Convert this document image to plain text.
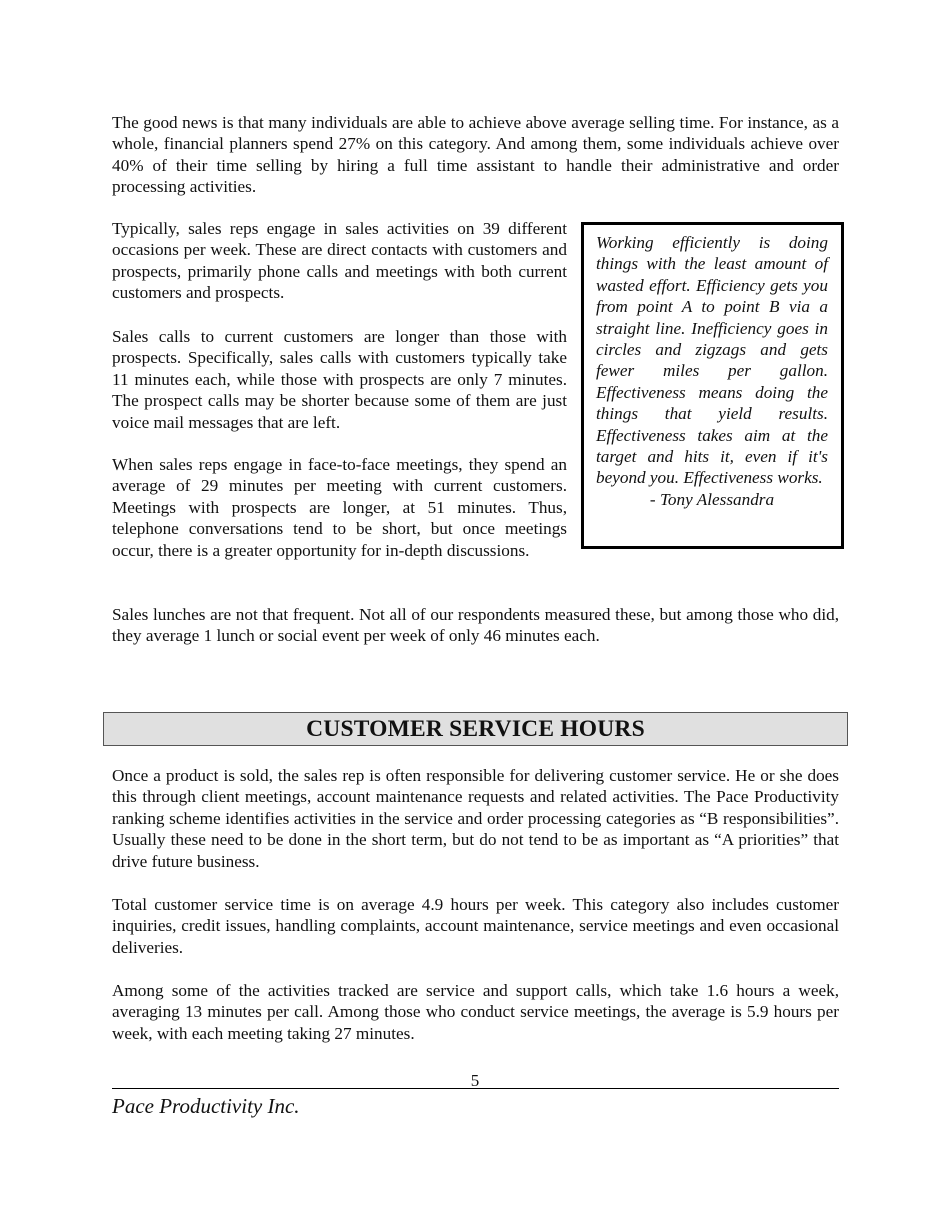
The good news is that many individuals are able to achieve above average selling time. For instance, as a whole, financial planners spend 27% on this category. And among them, some individuals achieve over 40% of their time selling by hiring a full time assistant to handle their administrative and order processing activities.

Typically, sales reps engage in sales activities on 39 different occasions per week. These are direct contacts with customers and prospects, primarily phone calls and meetings with both current customers and prospects.

Sales calls to current customers are longer than those with prospects. Specifically, sales calls with customers typically take 11 minutes each, while those with prospects are only 7 minutes. The prospect calls may be shorter because some of them are just voice mail messages that are left.

When sales reps engage in face-to-face meetings, they spend an average of 29 minutes per meeting with current customers. Meetings with prospects are longer, at 51 minutes. Thus, telephone conversations tend to be short, but once meetings occur, there is a greater opportunity for in-depth discussions.

Working efficiently is doing things with the least amount of wasted effort. Efficiency gets you from point A to point B via a straight line. Inefficiency goes in circles and zigzags and gets fewer miles per gallon. Effectiveness means doing the things that yield results. Effectiveness takes aim at the target and hits it, even if it's beyond you. Effectiveness works.

- Tony Alessandra

Sales lunches are not that frequent. Not all of our respondents measured these, but among those who did, they average 1 lunch or social event per week of only 46 minutes each.

CUSTOMER SERVICE HOURS

Once a product is sold, the sales rep is often responsible for delivering customer service. He or she does this through client meetings, account maintenance requests and related activities. The Pace Productivity ranking scheme identifies activities in the service and order processing categories as “B responsibilities”. Usually these need to be done in the short term, but do not tend to be as important as “A priorities” that drive future business.

Total customer service time is on average 4.9 hours per week. This category also includes customer inquiries, credit issues, handling complaints, account maintenance, service meetings and even occasional deliveries.

Among some of the activities tracked are service and support calls, which take 1.6 hours a week, averaging 13 minutes per call. Among those who conduct service meetings, the average is 5.9 hours per week, with each meeting taking 27 minutes.

5
Pace Productivity Inc.
